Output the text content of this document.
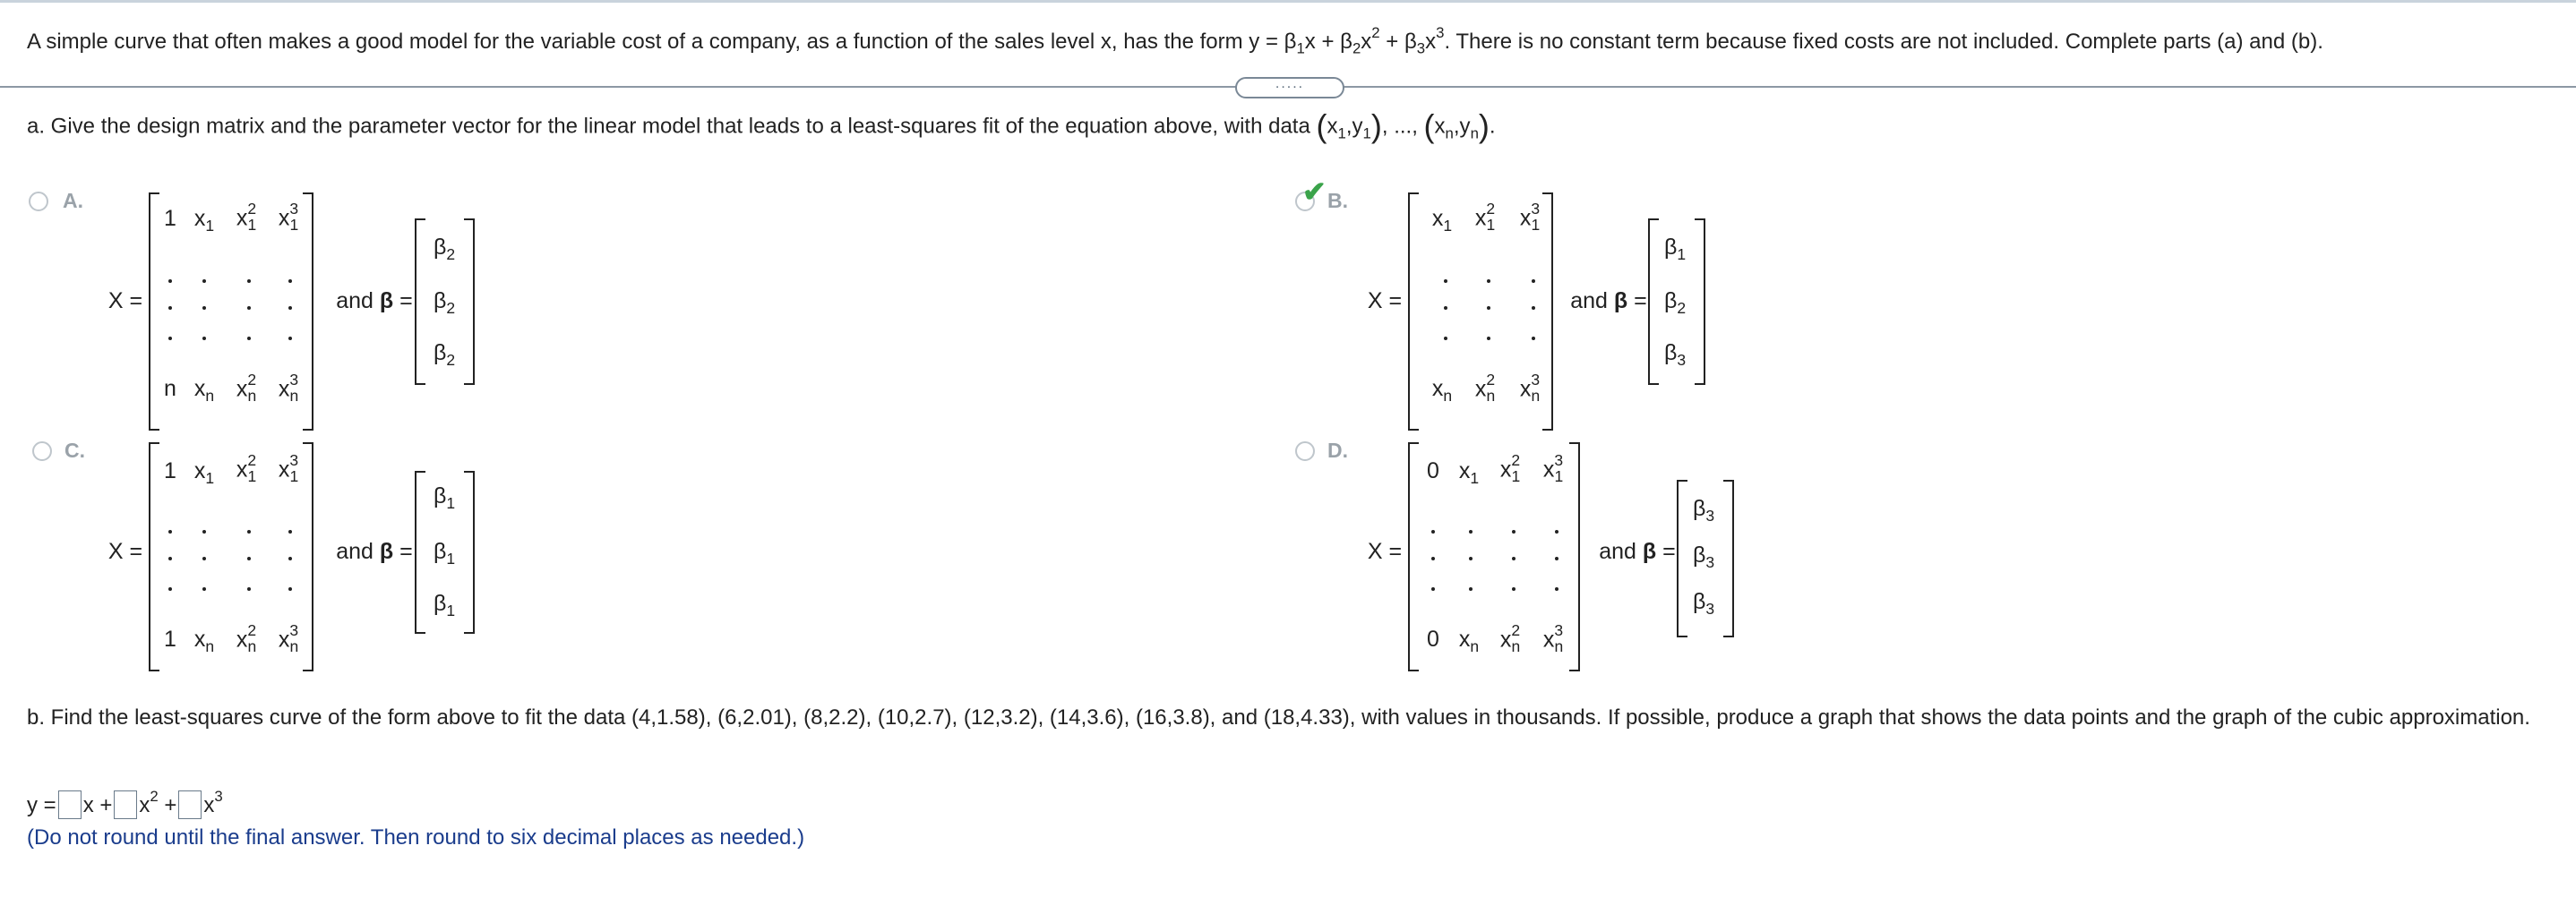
A simple curve that often makes a good model for the variable cost of a company, as a function of the sales level x, has the form $y = \beta_1x + \beta_2x^2 + \beta_3x^3$. There is no constant term because fixed costs are not included. Complete parts (a) and (b).
.....
a. Give the design matrix and the parameter vector for the linear model that leads to a least-squares fit of the equation above, with data $(x_1,y_1)$, ..., $(x_n,y_n)$.
A.
X =
1 $x_1$ $x^2_1$ $x^3_1$
n $x_n$ $x^2_n$ $x^3_n$
and β =
$\beta_2$
$\beta_2$
$\beta_2$
✔ B.
X =
$x_1$ $x^2_1$ $x^3_1$
$x_n$ $x^2_n$ $x^3_n$
and β =
$\beta_1$
$\beta_2$
$\beta_3$
C.
X =
1 $x_1$ $x^2_1$ $x^3_1$
1 $x_n$ $x^2_n$ $x^3_n$
and β =
$\beta_1$
$\beta_1$
$\beta_1$
D.
X =
0 $x_1$ $x^2_1$ $x^3_1$
0 $x_n$ $x^2_n$ $x^3_n$
and β =
$\beta_3$
$\beta_3$
$\beta_3$
b. Find the least-squares curve of the form above to fit the data (4,1.58), (6,2.01), (8,2.2), (10,2.7), (12,3.2), (14,3.6), (16,3.8), and (18,4.33), with values in thousands. If possible, produce a graph that shows the data points and the graph of the cubic approximation.
$y = x + x^2 + x^3$
(Do not round until the final answer. Then round to six decimal places as needed.)
